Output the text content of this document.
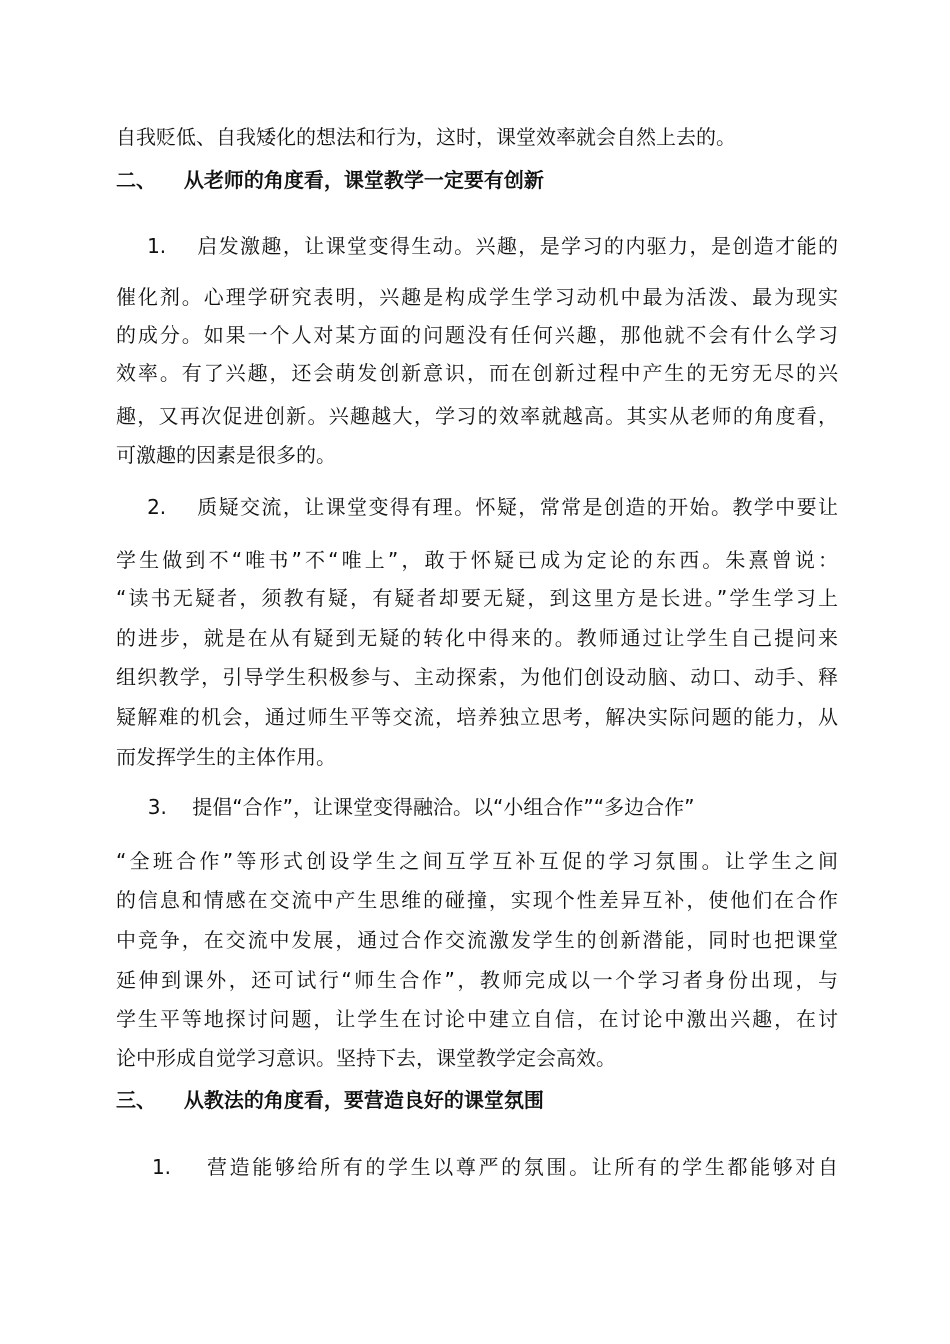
自我贬低、自我矮化的想法和行为，这时，课堂效率就会自然上去的。
二、    从老师的角度看，课堂教学一定要有创新
1.    启发激趣，让课堂变得生动。兴趣，是学习的内驱力，是创造才能的
催化剂。心理学研究表明，兴趣是构成学生学习动机中最为活泼、最为现实
的成分。如果一个人对某方面的问题没有任何兴趣，那他就不会有什么学习
效率。有了兴趣，还会萌发创新意识，而在创新过程中产生的无穷无尽的兴
趣，又再次促进创新。兴趣越大，学习的效率就越高。其实从老师的角度看，
可激趣的因素是很多的。
2.    质疑交流，让课堂变得有理。怀疑，常常是创造的开始。教学中要让
学生做到不“唯书”不“唯上”，敢于怀疑已成为定论的东西。朱熹曾说：
“读书无疑者，须教有疑，有疑者却要无疑，到这里方是长进。”学生学习上
的进步，就是在从有疑到无疑的转化中得来的。教师通过让学生自己提问来
组织教学，引导学生积极参与、主动探索，为他们创设动脑、动口、动手、释
疑解难的机会，通过师生平等交流，培养独立思考，解决实际问题的能力，从
而发挥学生的主体作用。
3.    提倡“合作”，让课堂变得融洽。以“小组合作”“多边合作”
“全班合作”等形式创设学生之间互学互补互促的学习氛围。让学生之间
的信息和情感在交流中产生思维的碰撞，实现个性差异互补，使他们在合作
中竞争，在交流中发展，通过合作交流激发学生的创新潜能，同时也把课堂
延伸到课外，还可试行“师生合作”，教师完成以一个学习者身份出现，与
学生平等地探讨问题，让学生在讨论中建立自信，在讨论中激出兴趣，在讨
论中形成自觉学习意识。坚持下去，课堂教学定会高效。
三、    从教法的角度看，要营造良好的课堂氛围
1.    营造能够给所有的学生以尊严的氛围。让所有的学生都能够对自
